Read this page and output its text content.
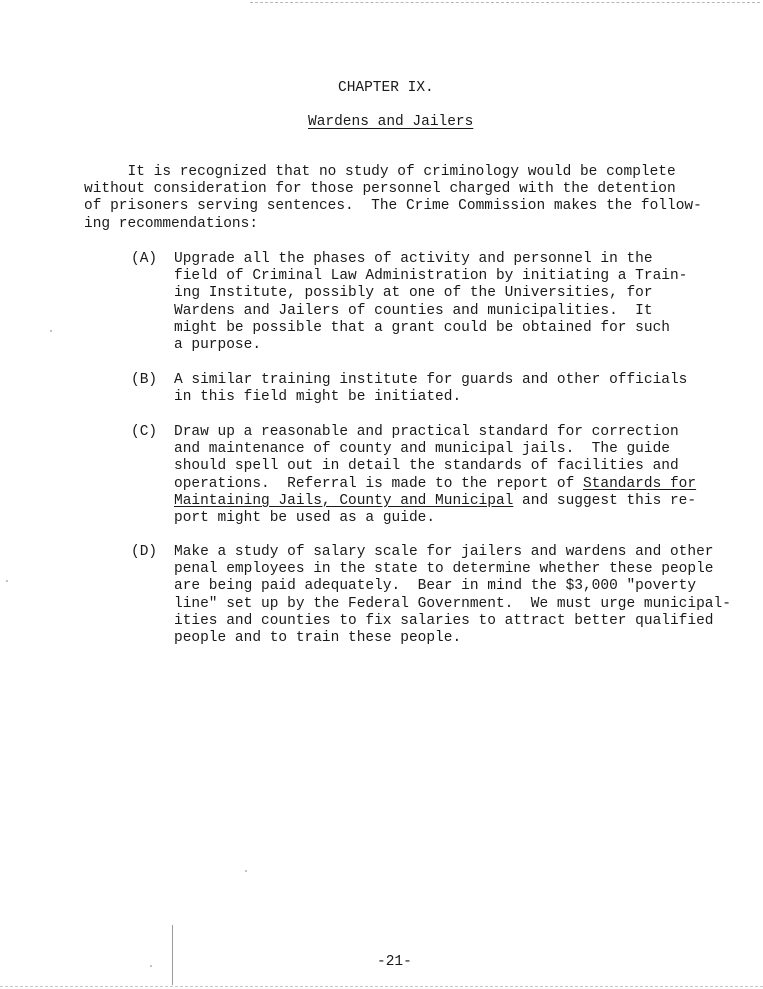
CHAPTER IX.
Wardens and Jailers
It is recognized that no study of criminology would be complete
without consideration for those personnel charged with the detention
of prisoners serving sentences.  The Crime Commission makes the follow-
ing recommendations:
(A) Upgrade all the phases of activity and personnel in the
field of Criminal Law Administration by initiating a Train-
ing Institute, possibly at one of the Universities, for
Wardens and Jailers of counties and municipalities.  It
might be possible that a grant could be obtained for such
a purpose.
(B) A similar training institute for guards and other officials
in this field might be initiated.
(C) Draw up a reasonable and practical standard for correction
and maintenance of county and municipal jails.  The guide
should spell out in detail the standards of facilities and
operations.  Referral is made to the report of Standards for
Maintaining Jails, County and Municipal and suggest this re-
port might be used as a guide.
(D) Make a study of salary scale for jailers and wardens and other
penal employees in the state to determine whether these people
are being paid adequately.  Bear in mind the $3,000 "poverty
line" set up by the Federal Government.  We must urge municipal-
ities and counties to fix salaries to attract better qualified
people and to train these people.
-21-
